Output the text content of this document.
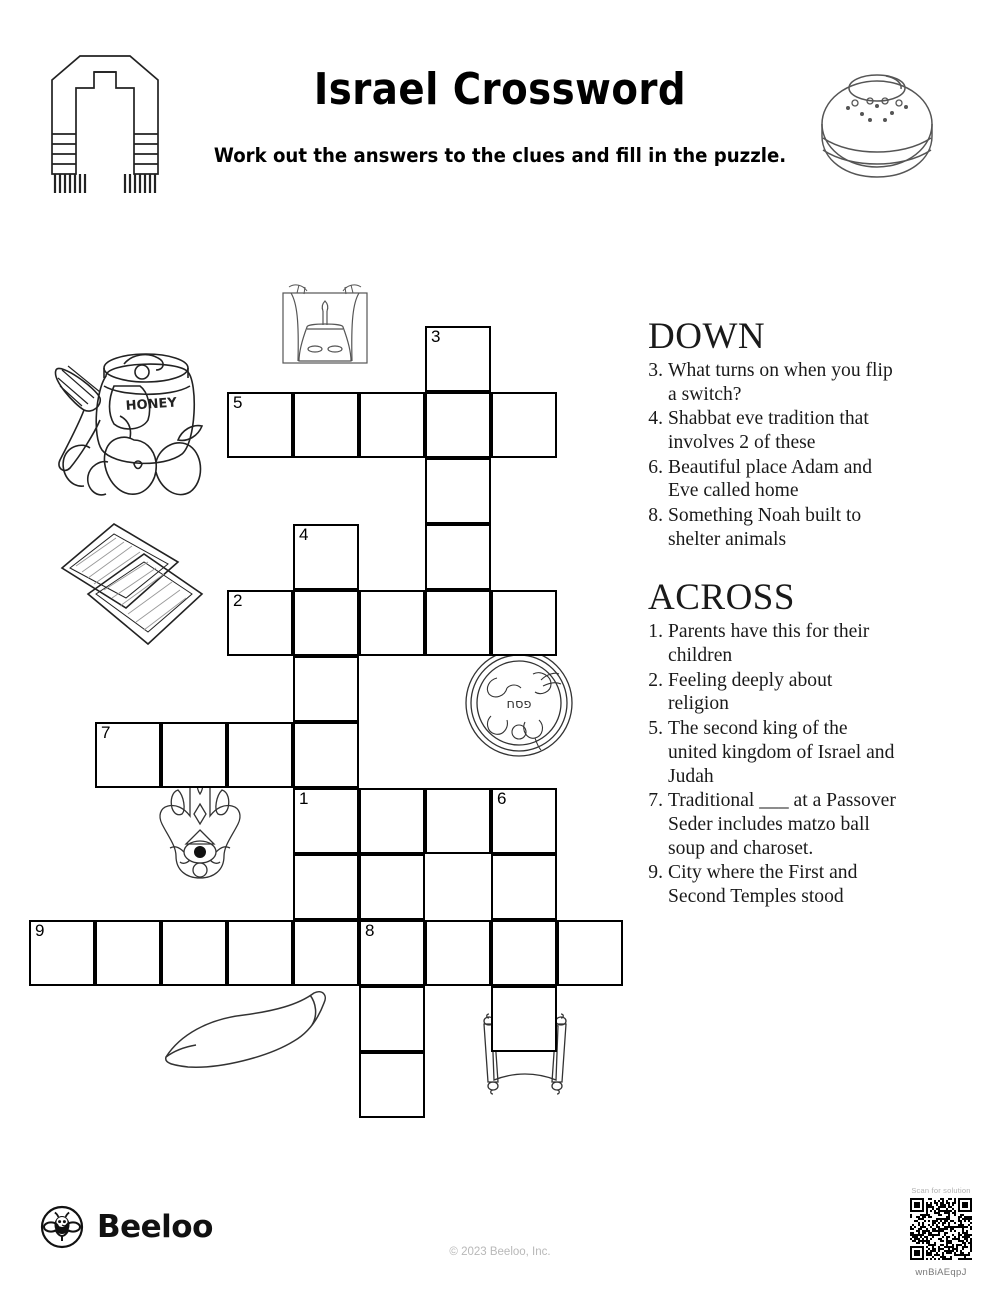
Israel Crossword
Work out the answers to the clues and fill in the puzzle.
HONEY
פסח
3
5
4
2
7
1	6
9	8
DOWN
3. What turns on when you flip a switch?
4. Shabbat eve tradition that involves 2 of these
6. Beautiful place Adam and Eve called home
8. Something Noah built to shelter animals
ACROSS
1. Parents have this for their children
2. Feeling deeply about religion
5. The second king of the united kingdom of Israel and Judah
7. Traditional ___ at a Passover Seder includes matzo ball soup and charoset.
9. City where the First and Second Temples stood
Beeloo
© 2023 Beeloo, Inc.
Scan for solution
wnBiAEqpJ
